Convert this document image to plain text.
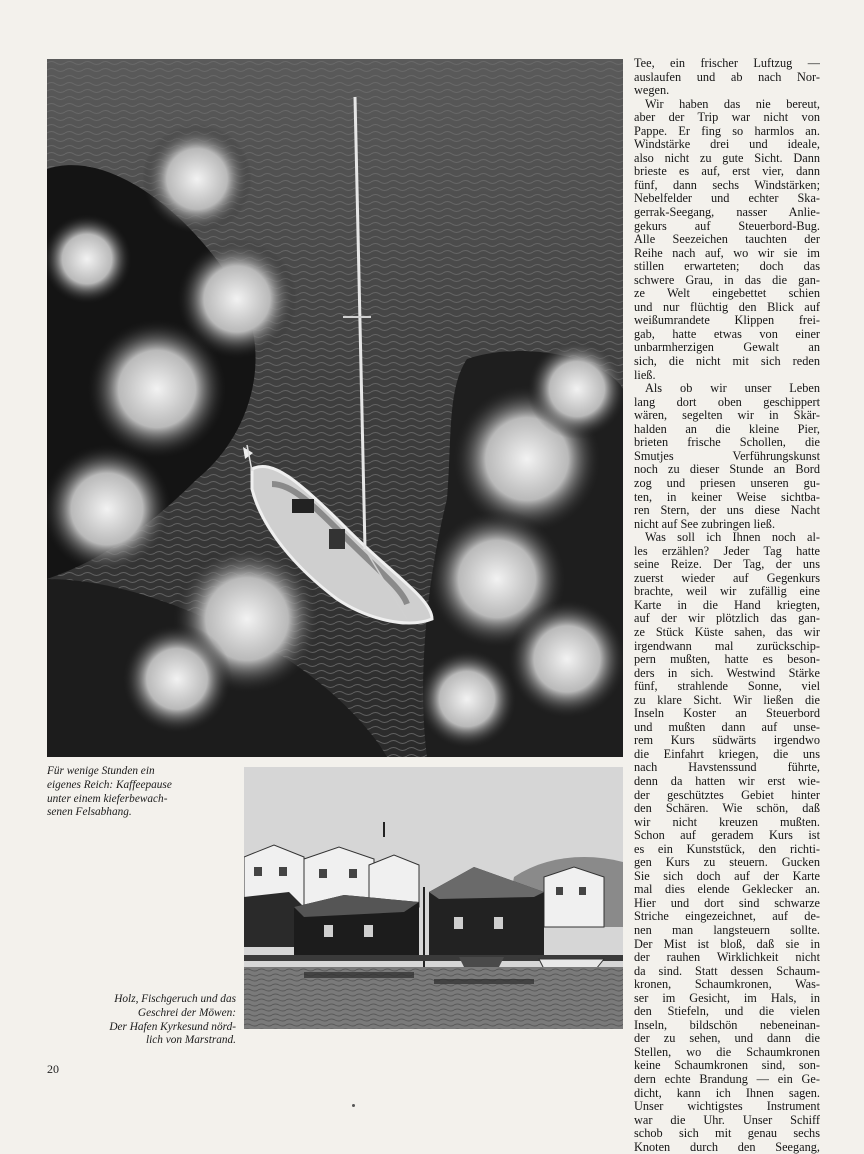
Für wenige Stunden ein
eigenes Reich: Kaffeepause
unter einem kieferbewach-
senen Felsabhang.
Holz, Fischgeruch und das
Geschrei der Möwen:
Der Hafen Kyrkesund nörd-
lich von Marstrand.
Tee, ein frischer Luftzug —
auslaufen und ab nach Nor-
wegen.
Wir haben das nie bereut,
aber der Trip war nicht von
Pappe. Er fing so harmlos an.
Windstärke drei und ideale,
also nicht zu gute Sicht. Dann
brieste es auf, erst vier, dann
fünf, dann sechs Windstärken;
Nebelfelder und echter Ska-
gerrak-Seegang, nasser Anlie-
gekurs auf Steuerbord-Bug.
Alle Seezeichen tauchten der
Reihe nach auf, wo wir sie im
stillen erwarteten; doch das
schwere Grau, in das die gan-
ze Welt eingebettet schien
und nur flüchtig den Blick auf
weißumrandete Klippen frei-
gab, hatte etwas von einer
unbarmherzigen Gewalt an
sich, die nicht mit sich reden
ließ.
Als ob wir unser Leben
lang dort oben geschippert
wären, segelten wir in Skär-
halden an die kleine Pier,
brieten frische Schollen, die
Smutjes Verführungskunst
noch zu dieser Stunde an Bord
zog und priesen unseren gu-
ten, in keiner Weise sichtba-
ren Stern, der uns diese Nacht
nicht auf See zubringen ließ.
Was soll ich Ihnen noch al-
les erzählen? Jeder Tag hatte
seine Reize. Der Tag, der uns
zuerst wieder auf Gegenkurs
brachte, weil wir zufällig eine
Karte in die Hand kriegten,
auf der wir plötzlich das gan-
ze Stück Küste sahen, das wir
irgendwann mal zurückschip-
pern mußten, hatte es beson-
ders in sich. Westwind Stärke
fünf, strahlende Sonne, viel
zu klare Sicht. Wir ließen die
Inseln Koster an Steuerbord
und mußten dann auf unse-
rem Kurs südwärts irgendwo
die Einfahrt kriegen, die uns
nach Havstenssund führte,
denn da hatten wir erst wie-
der geschütztes Gebiet hinter
den Schären. Wie schön, daß
wir nicht kreuzen mußten.
Schon auf geradem Kurs ist
es ein Kunststück, den richti-
gen Kurs zu steuern. Gucken
Sie sich doch auf der Karte
mal dies elende Geklecker an.
Hier und dort sind schwarze
Striche eingezeichnet, auf de-
nen man langsteuern sollte.
Der Mist ist bloß, daß sie in
der rauhen Wirklichkeit nicht
da sind. Statt dessen Schaum-
kronen, Schaumkronen, Was-
ser im Gesicht, im Hals, in
den Stiefeln, und die vielen
Inseln, bildschön nebeneinan-
der zu sehen, und dann die
Stellen, wo die Schaumkronen
keine Schaumkronen sind, son-
dern echte Brandung — ein Ge-
dicht, kann ich Ihnen sagen.
Unser wichtigstes Instrument
war die Uhr. Unser Schiff
schob sich mit genau sechs
Knoten durch den Seegang,
20
